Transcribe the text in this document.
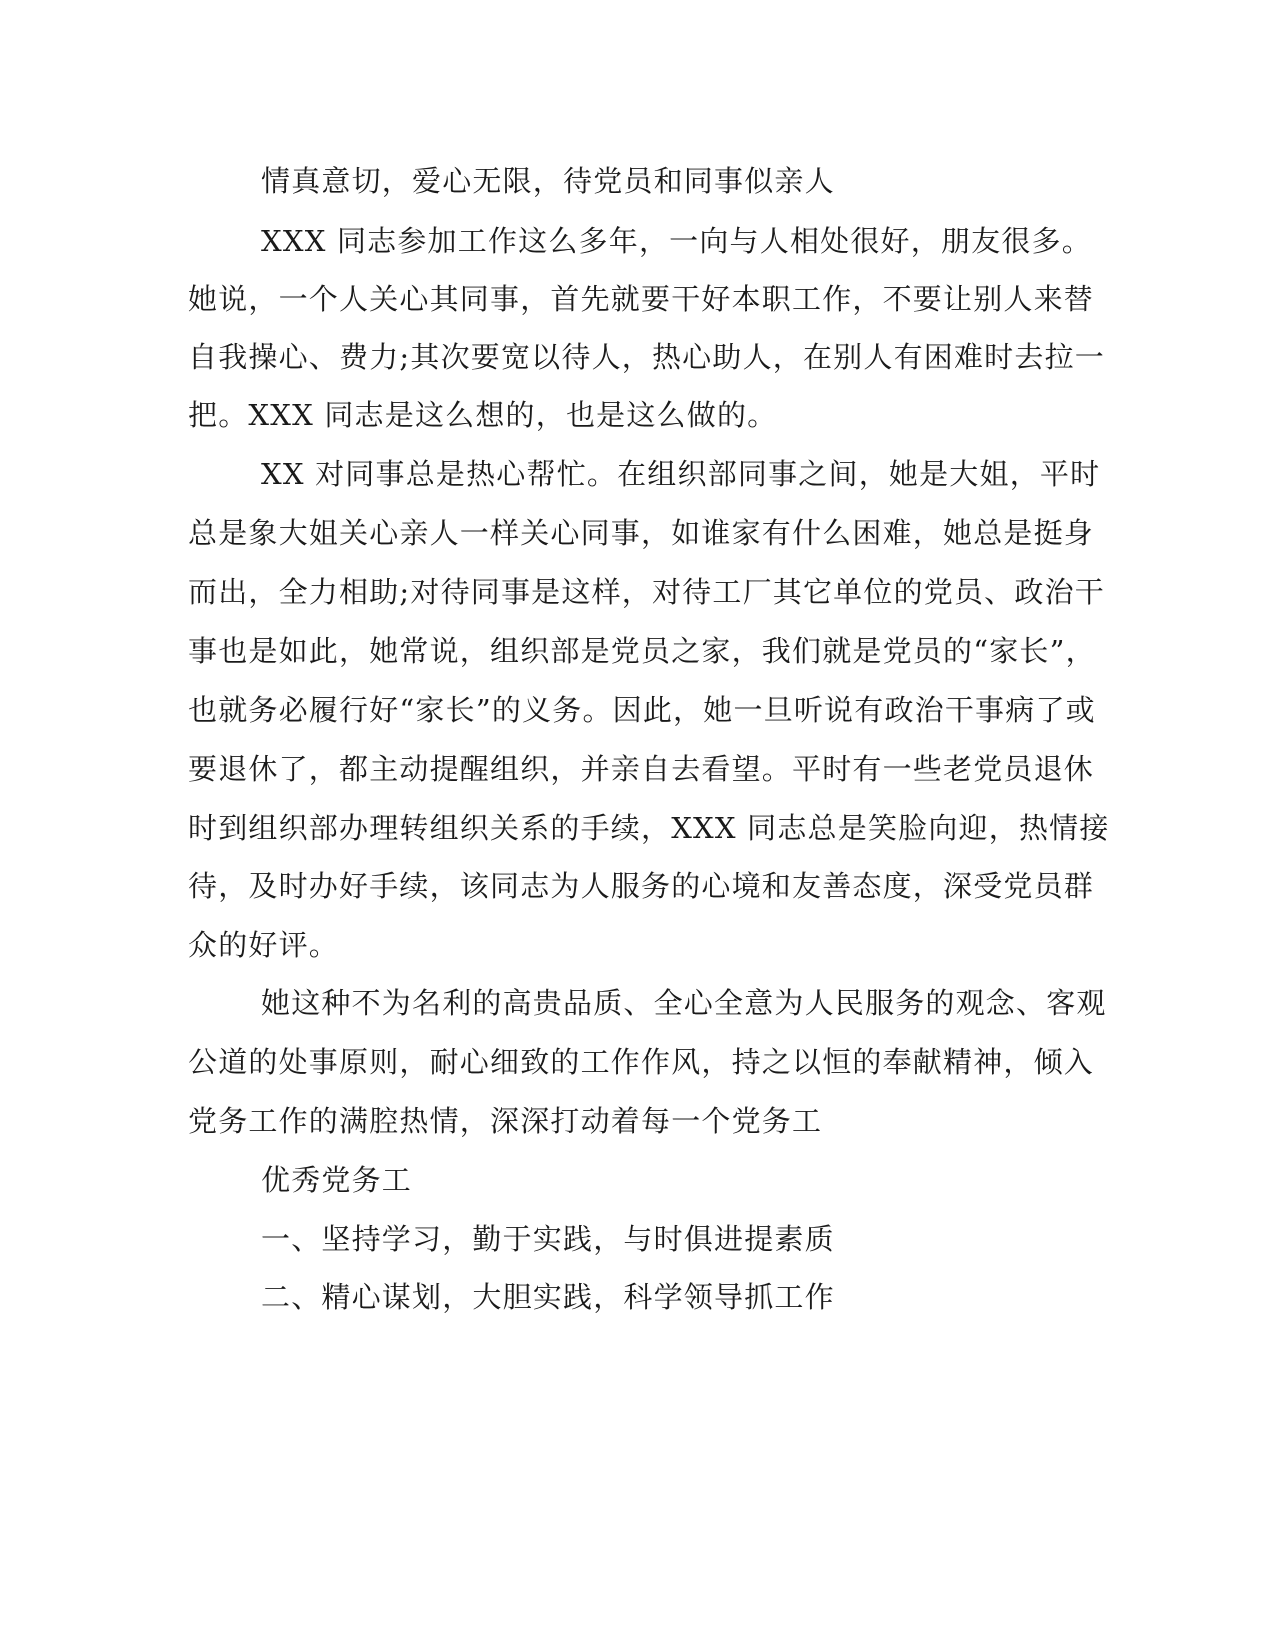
情真意切，爱心无限，待党员和同事似亲人

XXX 同志参加工作这么多年，一向与人相处很好，朋友很多。

她说，一个人关心其同事，首先就要干好本职工作，不要让别人来替

自我操心、费力;其次要宽以待人，热心助人，在别人有困难时去拉一

把。XXX 同志是这么想的，也是这么做的。

XX 对同事总是热心帮忙。在组织部同事之间，她是大姐，平时

总是象大姐关心亲人一样关心同事，如谁家有什么困难，她总是挺身

而出，全力相助;对待同事是这样，对待工厂其它单位的党员、政治干

事也是如此，她常说，组织部是党员之家，我们就是党员的“家长”，

也就务必履行好“家长”的义务。因此，她一旦听说有政治干事病了或

要退休了，都主动提醒组织，并亲自去看望。平时有一些老党员退休

时到组织部办理转组织关系的手续，XXX 同志总是笑脸向迎，热情接

待，及时办好手续，该同志为人服务的心境和友善态度，深受党员群

众的好评。

她这种不为名利的高贵品质、全心全意为人民服务的观念、客观

公道的处事原则，耐心细致的工作作风，持之以恒的奉献精神，倾入

党务工作的满腔热情，深深打动着每一个党务工

优秀党务工

一、坚持学习，勤于实践，与时俱进提素质

二、精心谋划，大胆实践，科学领导抓工作
